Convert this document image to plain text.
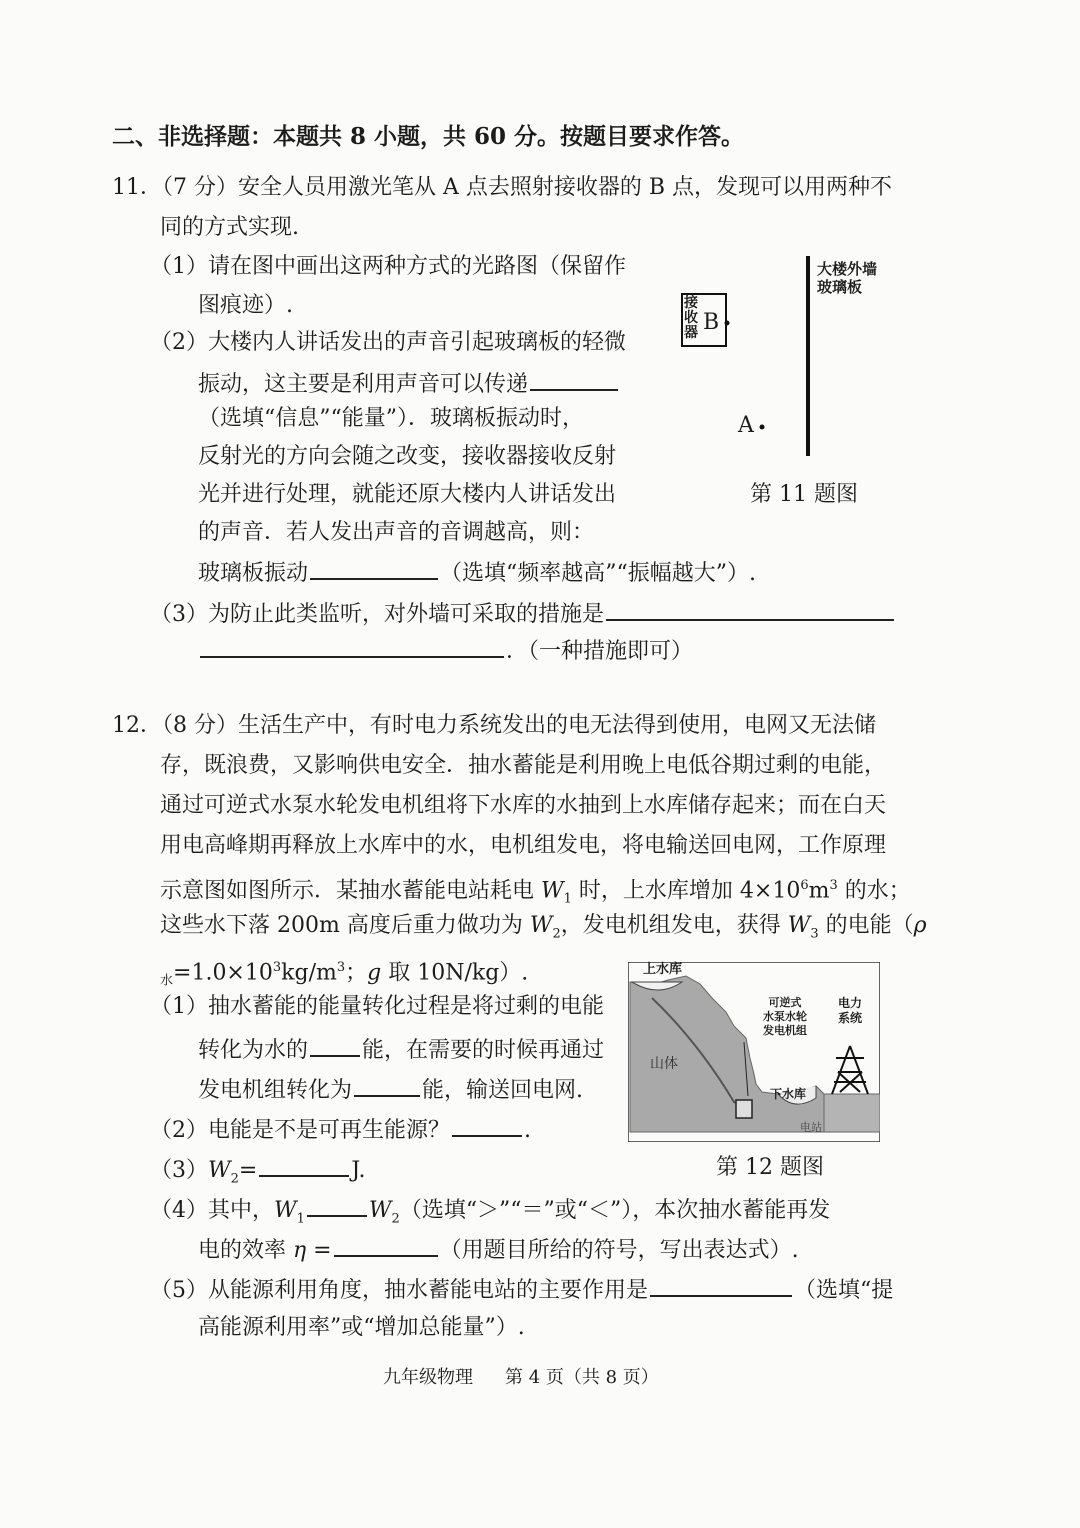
二、非选择题：本题共 8 小题，共 60 分。按题目要求作答。
11．（7 分）安全人员用激光笔从 A 点去照射接收器的 B 点，发现可以用两种不
同的方式实现.
（1）请在图中画出这两种方式的光路图（保留作
图痕迹）.
（2）大楼内人讲话发出的声音引起玻璃板的轻微
振动，这主要是利用声音可以传递
（选填“信息”“能量”）．玻璃板振动时，
反射光的方向会随之改变，接收器接收反射
光并进行处理，就能还原大楼内人讲话发出
的声音．若人发出声音的音调越高，则：
玻璃板振动	（选填“频率越高”“振幅越大”）.
（3）为防止此类监听，对外墙可采取的措施是
．（一种措施即可）
大楼外墙
玻璃板
接
收
器 B
A
第 11 题图
12．（8 分）生活生产中，有时电力系统发出的电无法得到使用，电网又无法储
存，既浪费，又影响供电安全．抽水蓄能是利用晚上电低谷期过剩的电能，
通过可逆式水泵水轮发电机组将下水库的水抽到上水库储存起来；而在白天
用电高峰期再释放上水库中的水，电机组发电，将电输送回电网，工作原理
示意图如图所示．某抽水蓄能电站耗电 $W_1$ 时，上水库增加 $4\times 10^6m^3$ 的水；
这些水下落 200m 高度后重力做功为 $W_2$，发电机组发电，获得 $W_3$ 的电能（ρ
$_水=1.0\times 10^3kg/m^3$；g 取 10N/kg）.
（1）抽水蓄能的能量转化过程是将过剩的电能
转化为水的 能，在需要的时候再通过
发电机组转化为	能，输送回电网.
（2）电能是不是可再生能源？	.
$(3)W_2=$	J.
（4）其中，$W_1$	$W_2$（选填“＞”“＝”或“＜”），本次抽水蓄能再发
电的效率 η =	（用题目所给的符号，写出表达式）.
（5）从能源利用角度，抽水蓄能电站的主要作用是	（选填“提
高能源利用率”或“增加总能量”）.
上水库
山体
可逆式
水泵水轮
发电机组
电力
系统
下水库
电站
第 12 题图
九年级物理 第 4 页（共 8 页）
